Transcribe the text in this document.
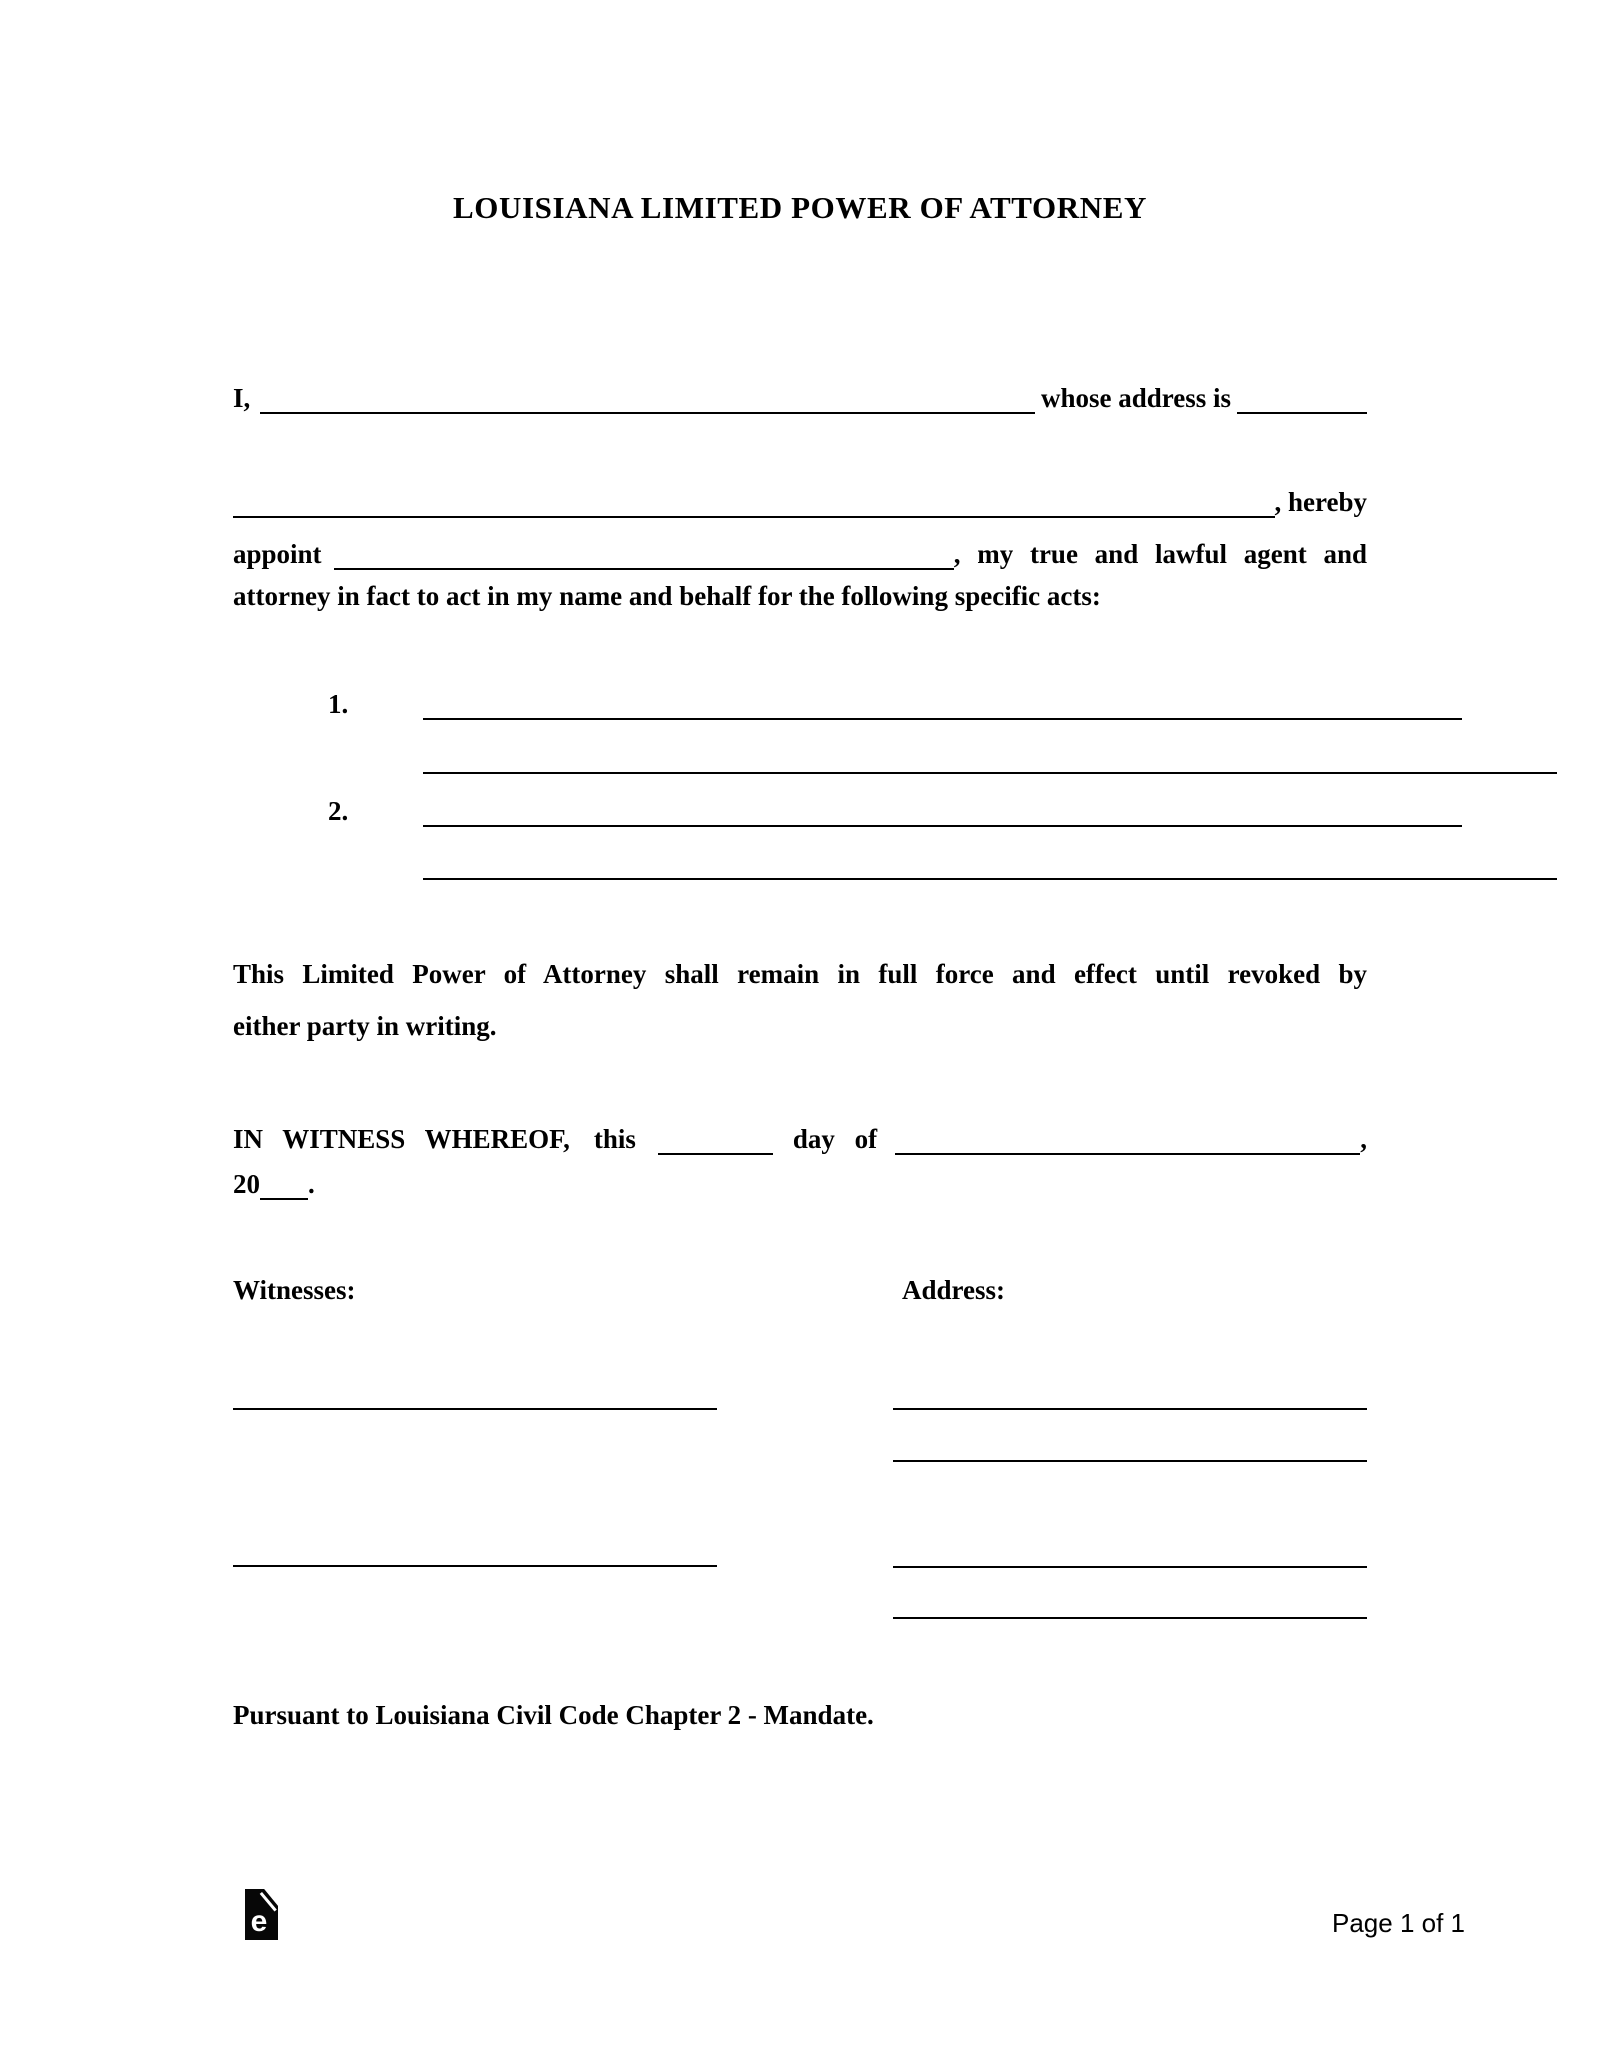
LOUISIANA LIMITED POWER OF ATTORNEY
I,	whose address is
, hereby
appoint	, my true and lawful agent and
attorney in fact to act in my name and behalf for the following specific acts:
1.
2.
This Limited Power of Attorney shall remain in full force and effect until revoked by
either party in writing.
IN WITNESS WHEREOF, this	day of	,
20 .
Witnesses:	Address:
Pursuant to Louisiana Civil Code Chapter 2 - Mandate.
e	Page 1 of 1
